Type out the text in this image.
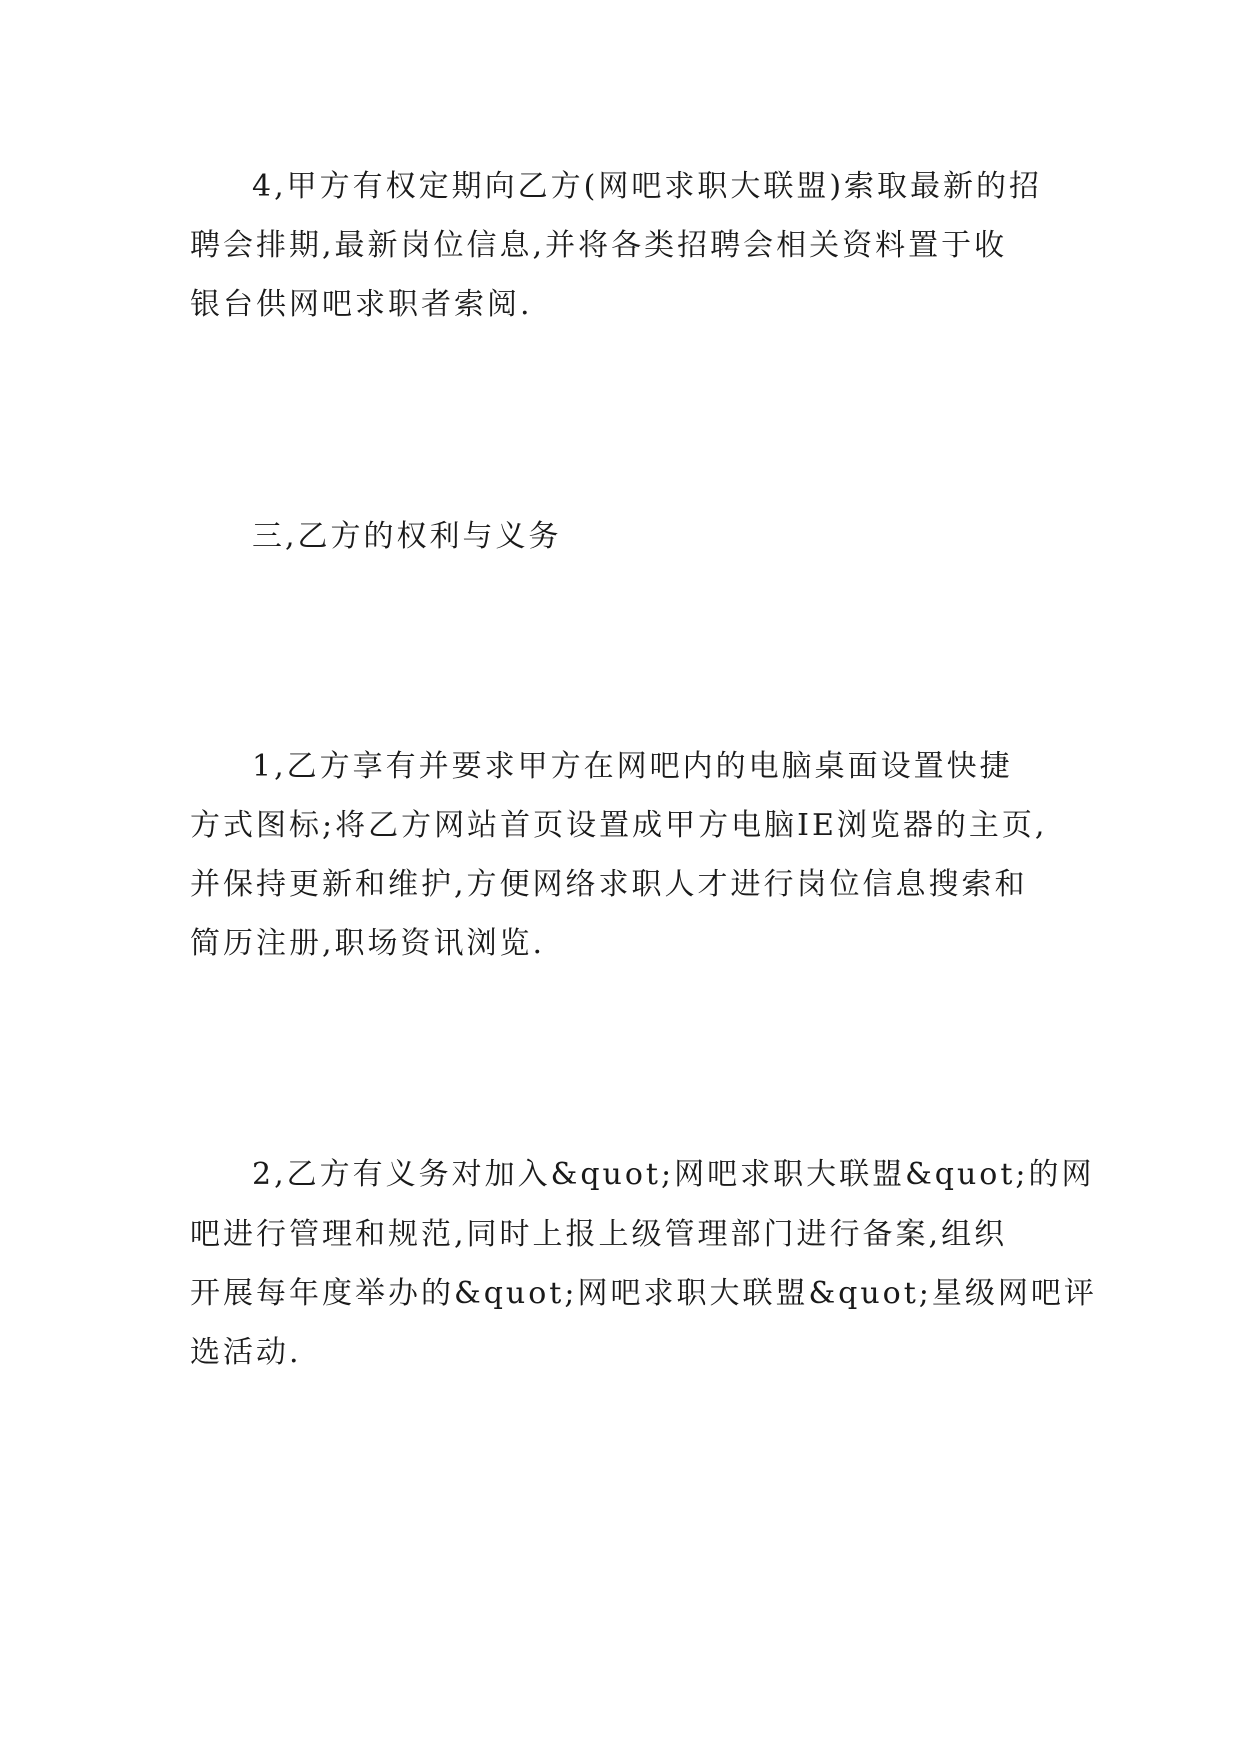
4,甲方有权定期向乙方(网吧求职大联盟)索取最新的招
聘会排期,最新岗位信息,并将各类招聘会相关资料置于收
银台供网吧求职者索阅.
三,乙方的权利与义务
1,乙方享有并要求甲方在网吧内的电脑桌面设置快捷
方式图标;将乙方网站首页设置成甲方电脑IE浏览器的主页,
并保持更新和维护,方便网络求职人才进行岗位信息搜索和
简历注册,职场资讯浏览.
2,乙方有义务对加入&quot;网吧求职大联盟&quot;的网
吧进行管理和规范,同时上报上级管理部门进行备案,组织
开展每年度举办的&quot;网吧求职大联盟&quot;星级网吧评
选活动.
